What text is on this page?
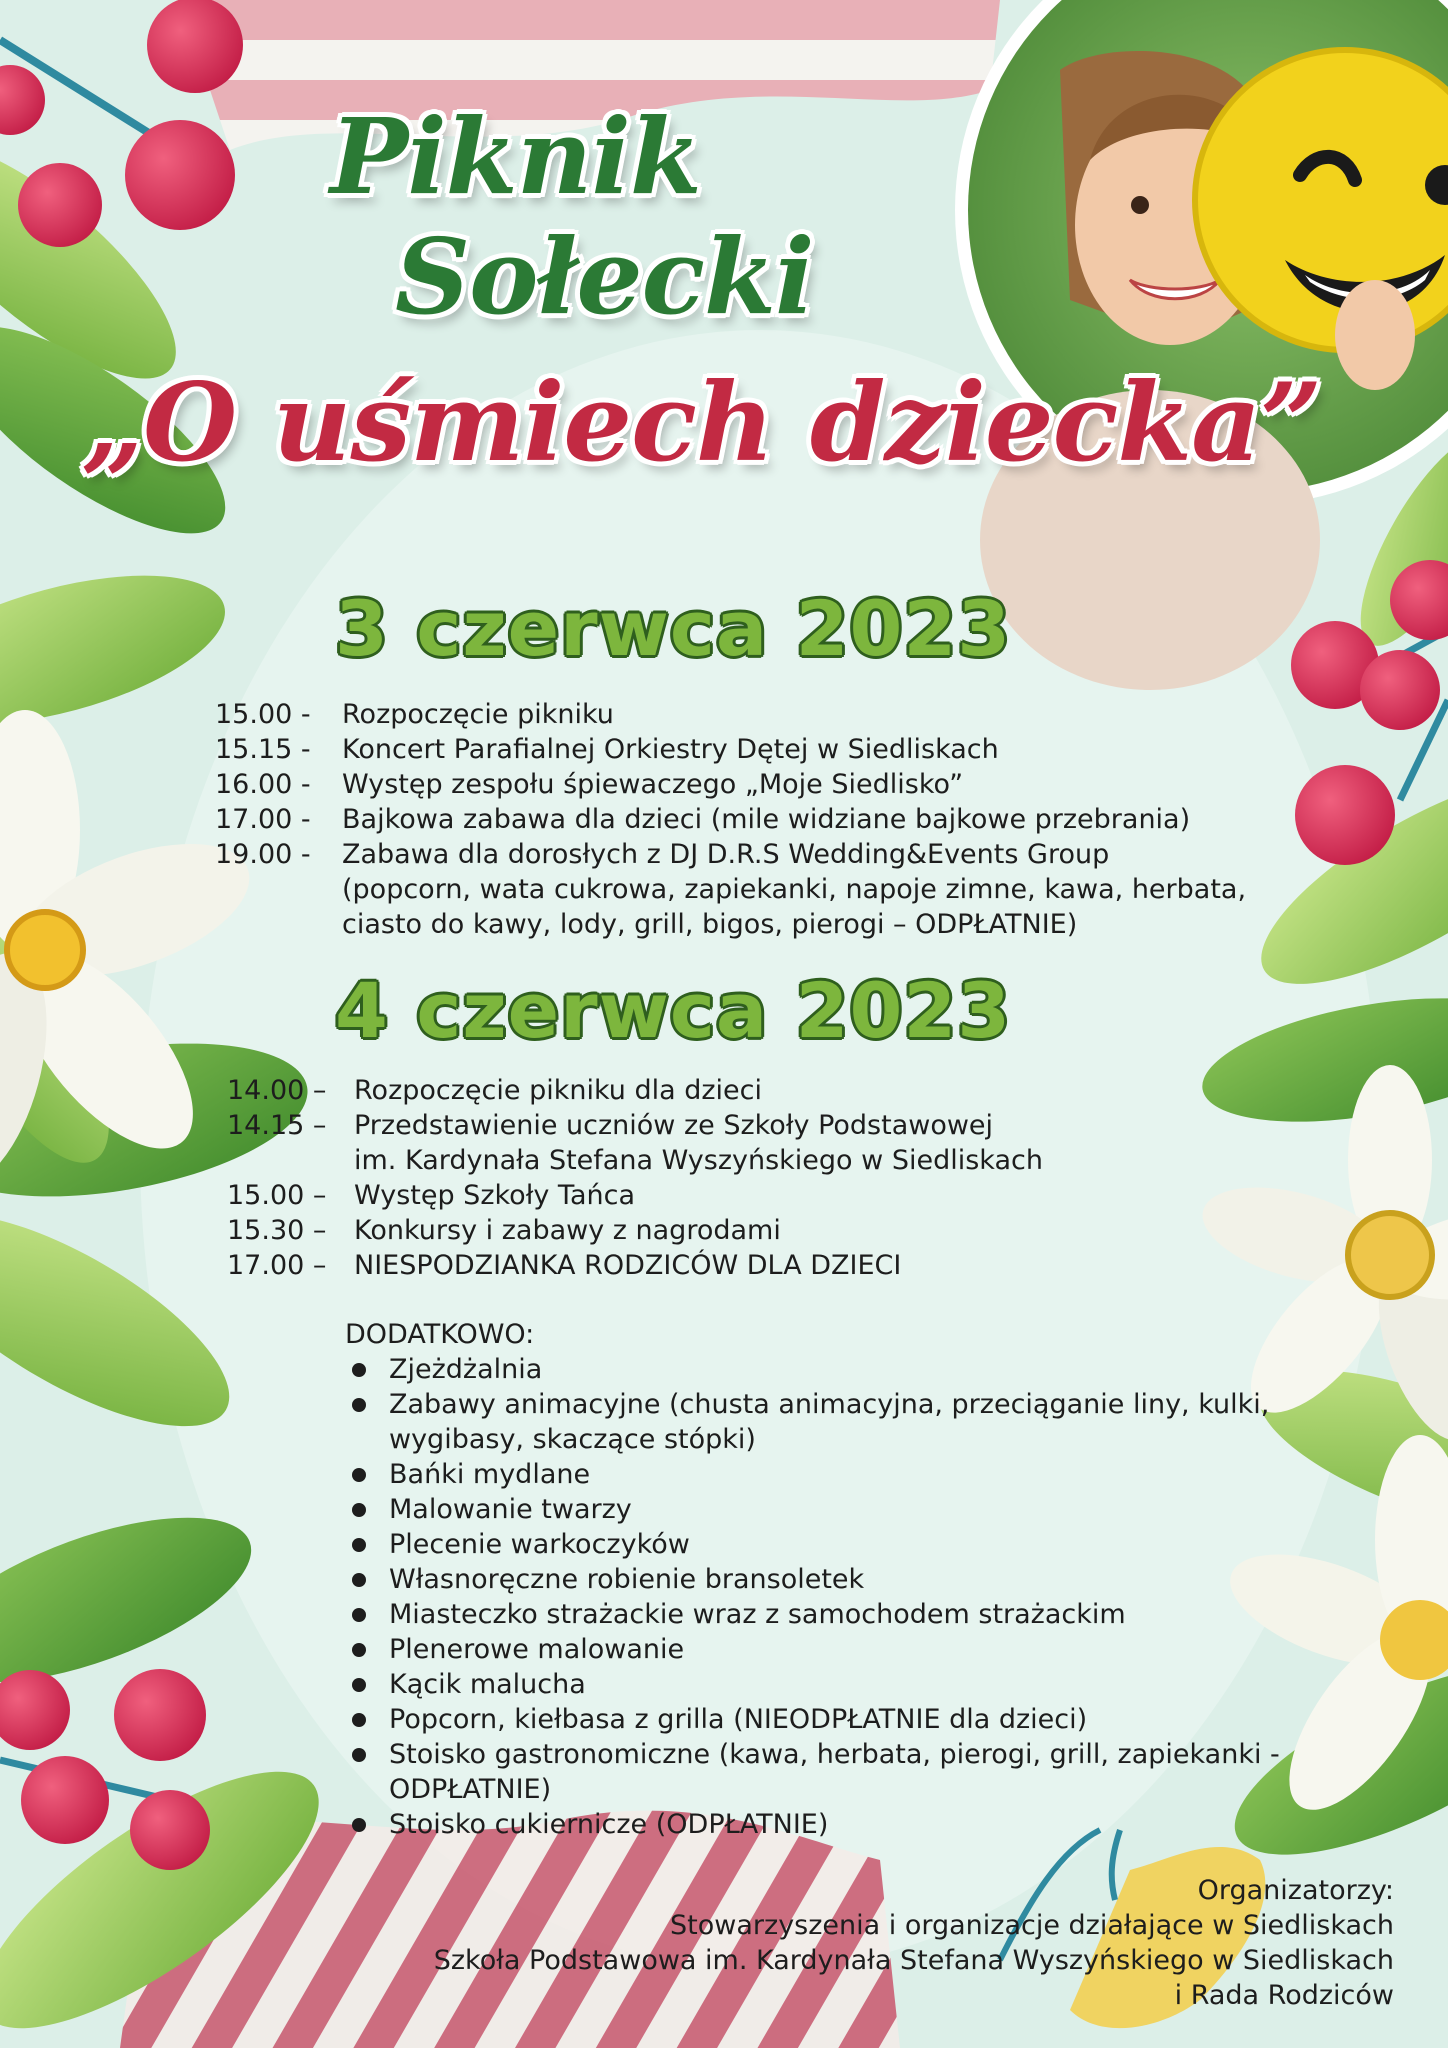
Piknik
Sołecki
„O uśmiech dziecka”
3 czerwca 2023
15.00 -	Rozpoczęcie pikniku
15.15 -	Koncert Parafialnej Orkiestry Dętej w Siedliskach
16.00 -	Występ zespołu śpiewaczego „Moje Siedlisko”
17.00 -	Bajkowa zabawa dla dzieci (mile widziane bajkowe przebrania)
19.00 -	Zabawa dla dorosłych z DJ D.R.S Wedding&Events Group
(popcorn, wata cukrowa, zapiekanki, napoje zimne, kawa, herbata,
ciasto do kawy, lody, grill, bigos, pierogi – ODPŁATNIE)
4 czerwca 2023
14.00 –	Rozpoczęcie pikniku dla dzieci
14.15 –	Przedstawienie uczniów ze Szkoły Podstawowej
im. Kardynała Stefana Wyszyńskiego w Siedliskach
15.00 –	Występ Szkoły Tańca
15.30 –	Konkursy i zabawy z nagrodami
17.00 –	NIESPODZIANKA RODZICÓW DLA DZIECI
DODATKOWO:
Zjeżdżalnia
Zabawy animacyjne (chusta animacyjna, przeciąganie liny, kulki,
wygibasy, skaczące stópki)
Bańki mydlane
Malowanie twarzy
Plecenie warkoczyków
Własnoręczne robienie bransoletek
Miasteczko strażackie wraz z samochodem strażackim
Plenerowe malowanie
Kącik malucha
Popcorn, kiełbasa z grilla (NIEODPŁATNIE dla dzieci)
Stoisko gastronomiczne (kawa, herbata, pierogi, grill, zapiekanki -
ODPŁATNIE)
Stoisko cukiernicze (ODPŁATNIE)
Organizatorzy:
Stowarzyszenia i organizacje działające w Siedliskach
Szkoła Podstawowa im. Kardynała Stefana Wyszyńskiego w Siedliskach
i Rada Rodziców
